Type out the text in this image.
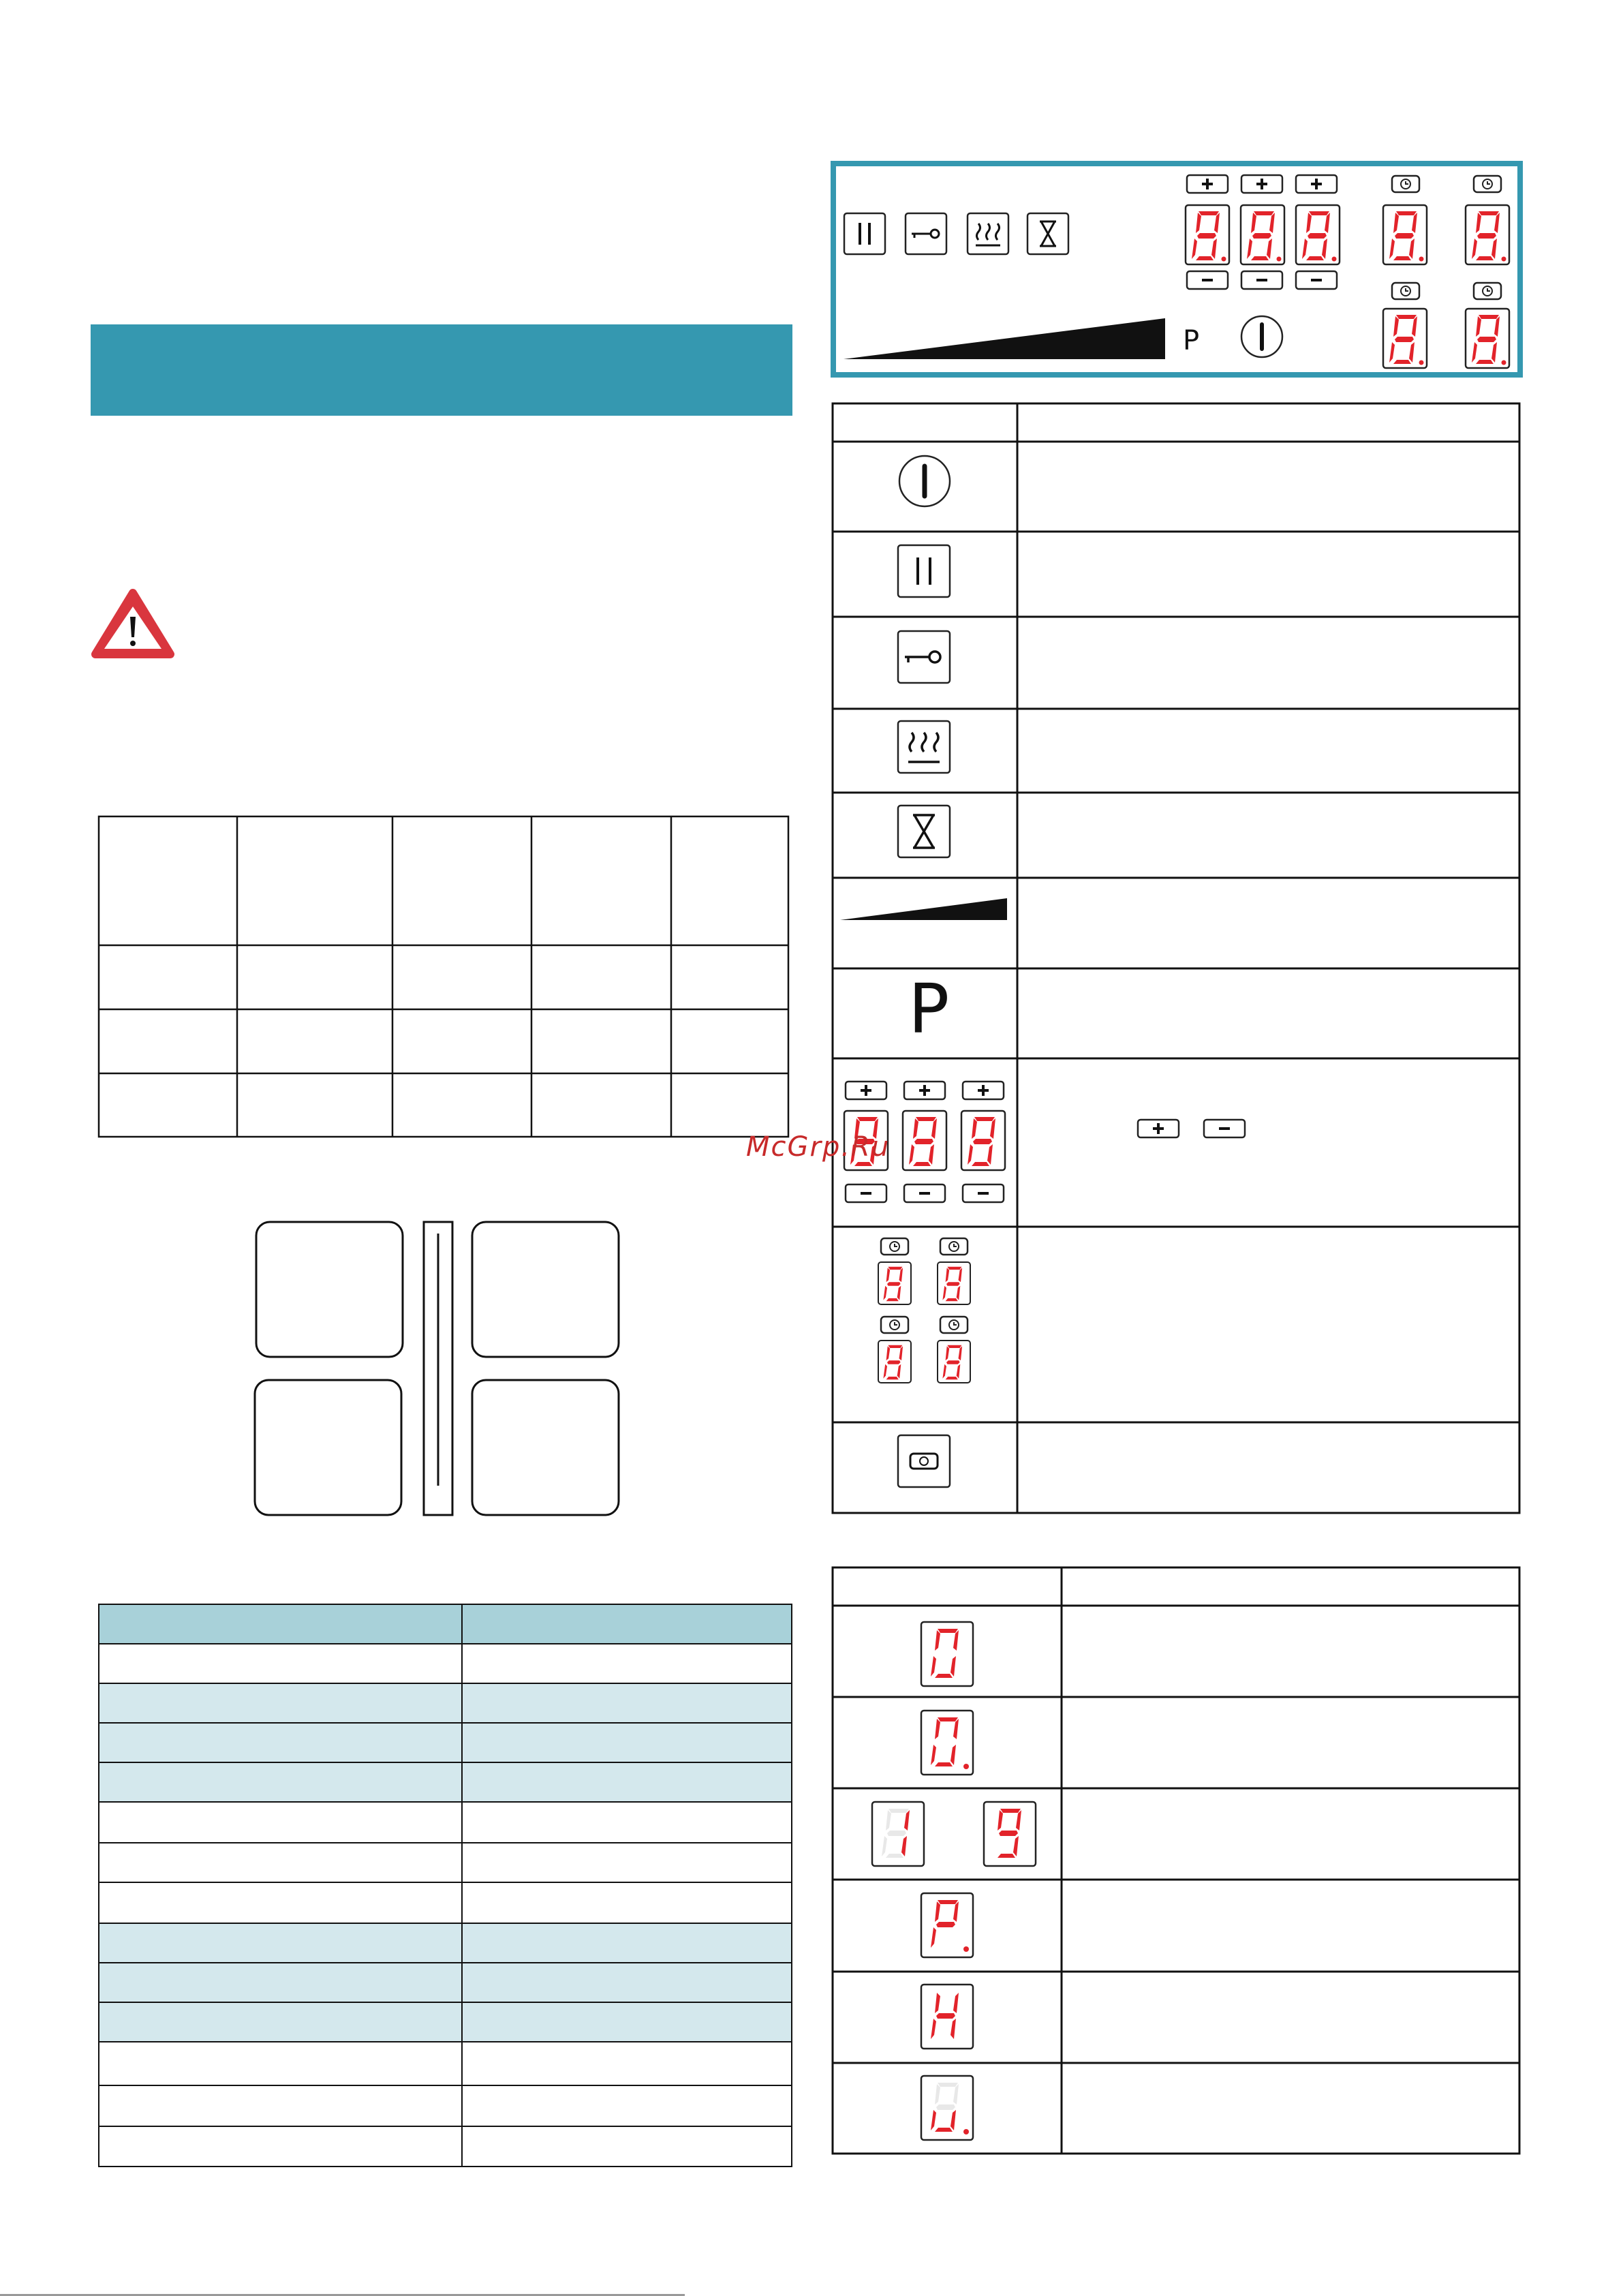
P
P
McGrp.Ru
